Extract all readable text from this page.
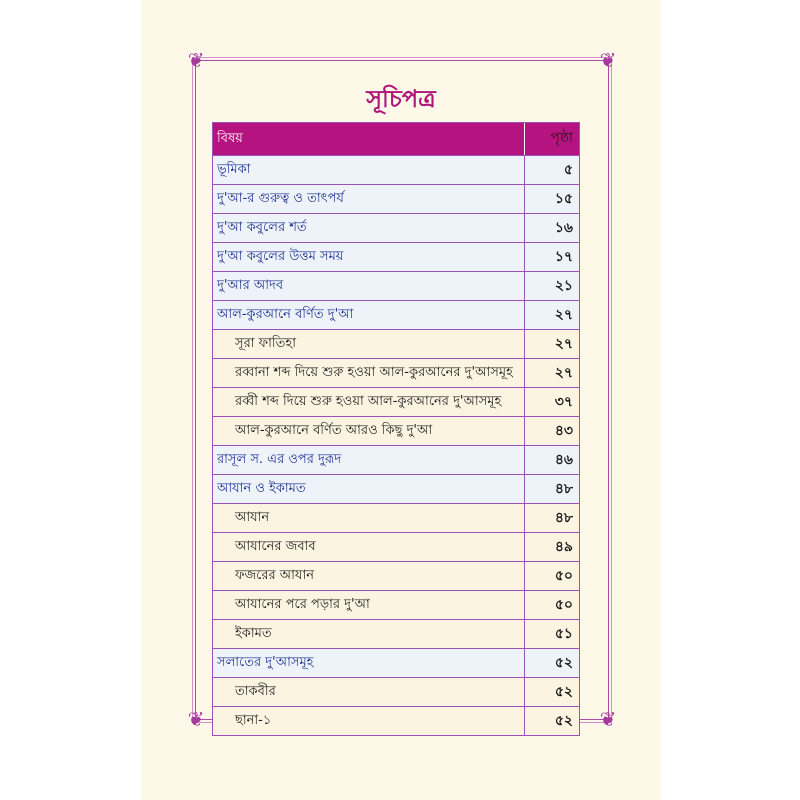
❦	❦
❦	❦
সূচিপত্র
বিষয়	পৃষ্ঠা
ভূমিকা	৫
দু'আ-র গুরুত্ব ও তাৎপর্য	১৫
দু'আ কবুলের শর্ত	১৬
দু'আ কবুলের উত্তম সময়	১৭
দু'আর আদব	২১
আল-কুরআনে বর্ণিত দু'আ	২৭
সূরা ফাতিহা	২৭
রব্বানা শব্দ দিয়ে শুরু হওয়া আল-কুরআনের দু'আসমূহ	২৭
রব্বী শব্দ দিয়ে শুরু হওয়া আল-কুরআনের দু'আসমূহ	৩৭
আল-কুরআনে বর্ণিত আরও কিছু দু'আ	৪৩
রাসূল স. এর ওপর দুরূদ	৪৬
আযান ও ইকামত	৪৮
আযান	৪৮
আযানের জবাব	৪৯
ফজরের আযান	৫০
আযানের পরে পড়ার দু'আ	৫০
ইকামত	৫১
সলাতের দু'আসমূহ	৫২
তাকবীর	৫২
ছানা-১	৫২
